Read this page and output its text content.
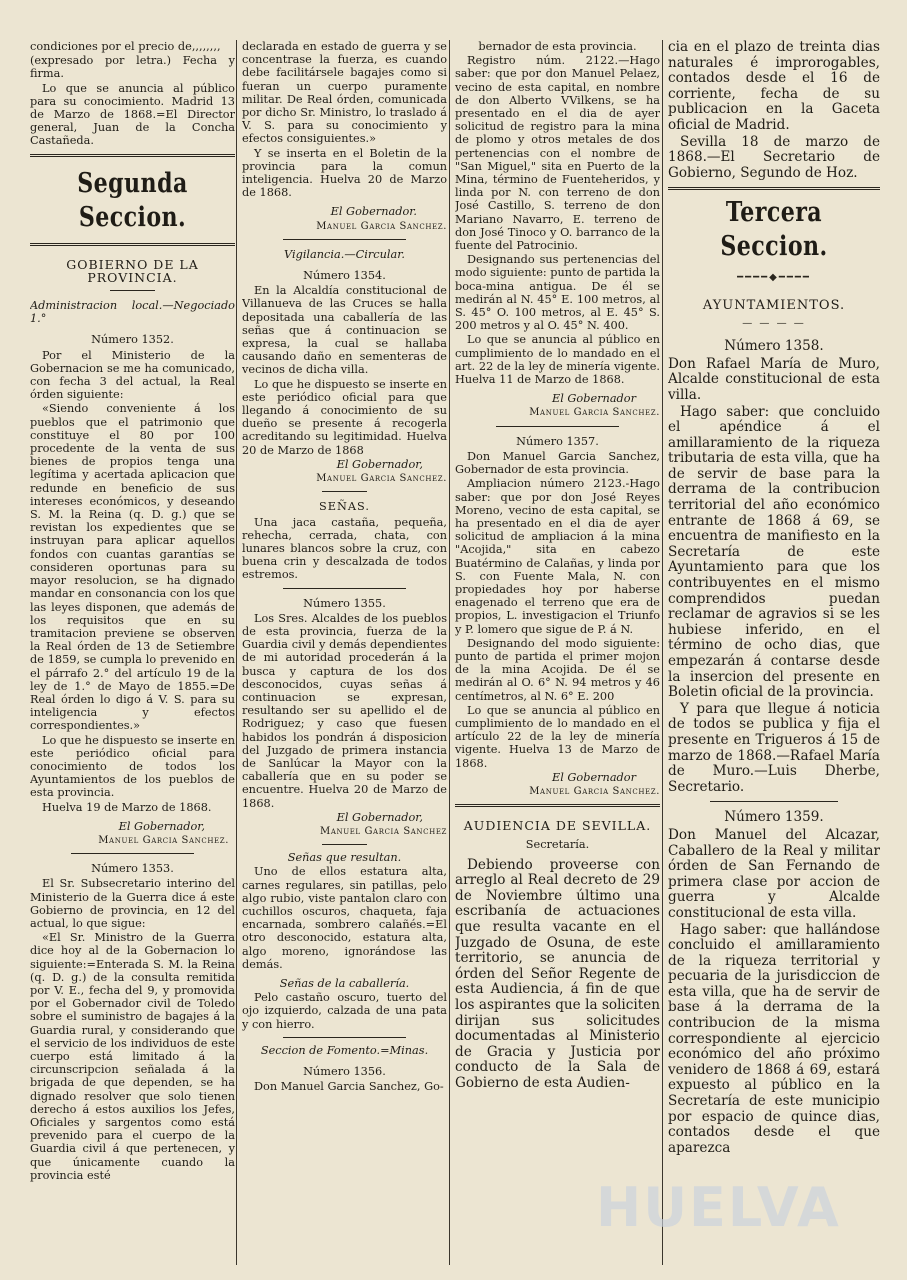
condiciones por el precio de,,,,,,,,

(expresado por letra.) Fecha y firma.

Lo que se anuncia al público para su conocimiento. Madrid 13 de Marzo de 1868.=El Director general, Juan de la Concha Castañeda.

Segunda Seccion.
GOBIERNO DE LA PROVINCIA.

Administracion local.—Negociado 1.°

Número 1352.

Por el Ministerio de la Gobernacion se me ha comunicado, con fecha 3 del actual, la Real órden siguiente:

«Siendo conveniente á los pueblos que el patrimonio que constituye el 80 por 100 procedente de la venta de sus bienes de propios tenga una legítima y acertada aplicacion que redunde en beneficio de sus intereses económicos, y deseando S. M. la Reina (q. D. g.) que se revistan los expedientes que se instruyan para aplicar aquellos fondos con cuantas garantías se consideren oportunas para su mayor resolucion, se ha dignado mandar en consonancia con los que las leyes disponen, que además de los requisitos que en su tramitacion previene se observen la Real órden de 13 de Setiembre de 1859, se cumpla lo prevenido en el párrafo 2.° del artículo 19 de la ley de 1.° de Mayo de 1855.=De Real órden lo digo á V. S. para su inteligencia y efectos correspondientes.»

Lo que he dispuesto se inserte en este periódico oficial para conocimiento de todos los Ayuntamientos de los pueblos de esta provincia.

Huelva 19 de Marzo de 1868.

El Gobernador,

Manuel Garcia Sanchez.

Número 1353.

El Sr. Subsecretario interino del Ministerio de la Guerra dice á este Gobierno de provincia, en 12 del actual, lo que sigue:

«El Sr. Ministro de la Guerra dice hoy al de la Gobernacion lo siguiente:=Enterada S. M. la Reina (q. D. g.) de la consulta remitida por V. E., fecha del 9, y promovida por el Gobernador civil de Toledo sobre el suministro de bagajes á la Guardia rural, y considerando que el servicio de los individuos de este cuerpo está limitado á la circunscripcion señalada á la brigada de que dependen, se ha dignado resolver que solo tienen derecho á estos auxilios los Jefes, Oficiales y sargentos como está prevenido para el cuerpo de la Guardia civil á que pertenecen, y que únicamente cuando la provincia esté

declarada en estado de guerra y se concentrase la fuerza, es cuando debe facilitársele bagajes como si fueran un cuerpo puramente militar. De Real órden, comunicada por dicho Sr. Ministro, lo traslado á V. S. para su conocimiento y efectos consiguientes.»

Y se inserta en el Boletin de la provincia para la comun inteligencia. Huelva 20 de Marzo de 1868.

El Gobernador.

Manuel Garcia Sanchez.

Vigilancia.—Circular.

Número 1354.

En la Alcaldía constitucional de Villanueva de las Cruces se halla depositada una caballería de las señas que á continuacion se expresa, la cual se hallaba causando daño en sementeras de vecinos de dicha villa.

Lo que he dispuesto se inserte en este periódico oficial para que llegando á conocimiento de su dueño se presente á recogerla acreditando su legitimidad. Huelva 20 de Marzo de 1868

El Gobernador,

Manuel Garcia Sanchez.

SEÑAS.

Una jaca castaña, pequeña, rehecha, cerrada, chata, con lunares blancos sobre la cruz, con buena crin y descalzada de todos estremos.

Número 1355.

Los Sres. Alcaldes de los pueblos de esta provincia, fuerza de la Guardia civil y demás dependientes de mi autoridad procederán á la busca y captura de los dos desconocidos, cuyas señas á continuacion se expresan, resultando ser su apellido el de Rodriguez; y caso que fuesen habidos los pondrán á disposicion del Juzgado de primera instancia de Sanlúcar la Mayor con la caballería que en su poder se encuentre. Huelva 20 de Marzo de 1868.

El Gobernador,

Manuel Garcia Sanchez

Señas que resultan.

Uno de ellos estatura alta, carnes regulares, sin patillas, pelo algo rubio, viste pantalon claro con cuchillos oscuros, chaqueta, faja encarnada, sombrero calañés.=El otro desconocido, estatura alta, algo moreno, ignorándose las demás.

Señas de la caballería.

Pelo castaño oscuro, tuerto del ojo izquierdo, calzada de una pata y con hierro.

Seccion de Fomento.=Minas.

Número 1356.

Don Manuel Garcia Sanchez, Go-

bernador de esta provincia.

Registro núm. 2122.—Hago saber: que por don Manuel Pelaez, vecino de esta capital, en nombre de don Alberto VVilkens, se ha presentado en el dia de ayer solicitud de registro para la mina de plomo y otros metales de dos pertenencias con el nombre de "San Miguel," sita en Puerto de la Mina, término de Fuenteheridos, y linda por N. con terreno de don José Castillo, S. terreno de don Mariano Navarro, E. terreno de don José Tinoco y O. barranco de la fuente del Patrocinio.

Designando sus pertenencias del modo siguiente: punto de partida la boca-mina antigua. De él se medirán al N. 45° E. 100 metros, al S. 45° O. 100 metros, al E. 45° S. 200 metros y al O. 45° N. 400.

Lo que se anuncia al público en cumplimiento de lo mandado en el art. 22 de la ley de minería vigente. Huelva 11 de Marzo de 1868.

El Gobernador

Manuel Garcia Sanchez.

Número 1357.

Don Manuel Garcia Sanchez, Gobernador de esta provincia.

Ampliacion número 2123.-Hago saber: que por don José Reyes Moreno, vecino de esta capital, se ha presentado en el dia de ayer solicitud de ampliacion á la mina "Acojida," sita en cabezo Buatérmino de Calañas, y linda por S. con Fuente Mala, N. con propiedades hoy por haberse enagenado el terreno que era de propios, L. investigacion el Triunfo y P. lomero que sigue de P. á N.

Designando del modo siguiente: punto de partida el primer mojon de la mina Acojida. De él se medirán al O. 6° N. 94 metros y 46 centímetros, al N. 6° E. 200

Lo que se anuncia al público en cumplimiento de lo mandado en el artículo 22 de la ley de minería vigente. Huelva 13 de Marzo de 1868.

El Gobernador

Manuel Garcia Sanchez.

AUDIENCIA DE SEVILLA.

Secretaría.

Debiendo proveerse con arreglo al Real decreto de 29 de Noviembre último una escribanía de actuaciones que resulta vacante en el Juzgado de Osuna, de este territorio, se anuncia de órden del Señor Regente de esta Audiencia, á fin de que los aspirantes que la soliciten dirijan sus solicitudes documentadas al Ministerio de Gracia y Justicia por conducto de la Sala de Gobierno de esta Audien-

cia en el plazo de treinta dias naturales é improrogables, contados desde el 16 de corriente, fecha de su publicacion en la Gaceta oficial de Madrid.

Sevilla 18 de marzo de 1868.—El Secretario de Gobierno, Segundo de Hoz.

Tercera Seccion.
━━━━◆━━━━
AYUNTAMIENTOS.
— — — —
Número 1358.

Don Rafael María de Muro, Alcalde constitucional de esta villa.

Hago saber: que concluido el apéndice á el amillaramiento de la riqueza tributaria de esta villa, que ha de servir de base para la derrama de la contribucion territorial del año económico entrante de 1868 á 69, se encuentra de manifiesto en la Secretaría de este Ayuntamiento para que los contribuyentes en el mismo comprendidos puedan reclamar de agravios si se les hubiese inferido, en el término de ocho dias, que empezarán á contarse desde la insercion del presente en Boletin oficial de la provincia.

Y para que llegue á noticia de todos se publica y fija el presente en Trigueros á 15 de marzo de 1868.—Rafael María de Muro.—Luis Dherbe, Secretario.

Número 1359.

Don Manuel del Alcazar, Caballero de la Real y militar órden de San Fernando de primera clase por accion de guerra y Alcalde constitucional de esta villa.

Hago saber: que hallándose concluido el amillaramiento de la riqueza territorial y pecuaria de la jurisdiccion de esta villa, que ha de servir de base á la derrama de la contribucion de la misma correspondiente al ejercicio económico del año próximo venidero de 1868 á 69, estará expuesto al público en la Secretaría de este municipio por espacio de quince dias, contados desde el que aparezca

HUELVA
